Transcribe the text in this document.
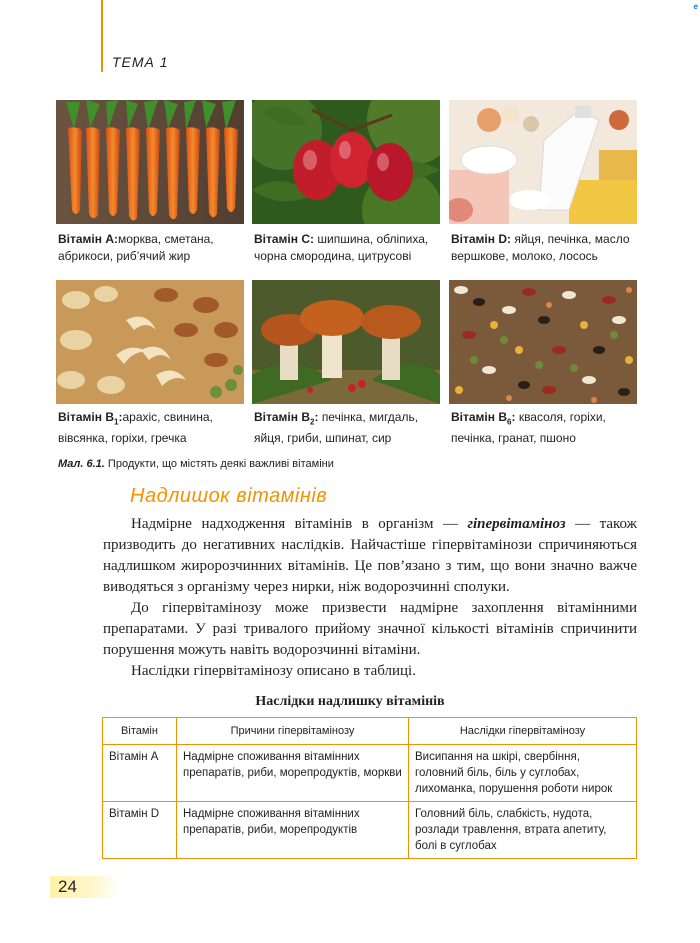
ТЕМА 1
e
Вітамін A:морква, сметана,
абрикоси, риб’ячий жир
Вітамін C: шипшина, обліпиха,
чорна смородина, цитрусові
Вітамін D: яйця, печінка, масло
вершкове, молоко, лосось
Вітамін $B_1:арахіс$, свинина,
вівсянка, горіхи, гречка
Вітамін $B_2$: печінка, мигдаль,
яйця, гриби, шпинат, сир
Вітамін $B_6$: квасоля, горіхи,
печінка, гранат, пшоно
Мал. 6.1. Продукти, що містять деякі важливі вітаміни
Надлишок вітамінів

Надмірне надходження вітамінів в організм — гіпервітаміноз — також призводить до негативних наслідків. Найчастіше гіпервітамінози спричиняються надлишком жиророзчинних вітамінів. Це пов’язано з тим, що вони значно важче виводяться з організму через нирки, ніж водорозчинні сполуки.

До гіпервітамінозу може призвести надмірне захоплення вітамінними препаратами. У разі тривалого прийому значної кількості вітамінів спричинити порушення можуть навіть водорозчинні вітаміни.

Наслідки гіпервітамінозу описано в таблиці.

Наслідки надлишку вітамінів
Вітамін	Причини гіпервітамінозу	Наслідки гіпервітамінозу
Вітамін A	Надмірне споживання вітамінних препаратів, риби, морепродуктів, моркви	Висипання на шкірі, свербіння, головний біль, біль у суглобах, лихоманка, порушення роботи нирок
Вітамін D	Надмірне споживання вітамінних препаратів, риби, морепродуктів	Головний біль, слабкість, нудота, розлади травлення, втрата апетиту, болі в суглобах
24
